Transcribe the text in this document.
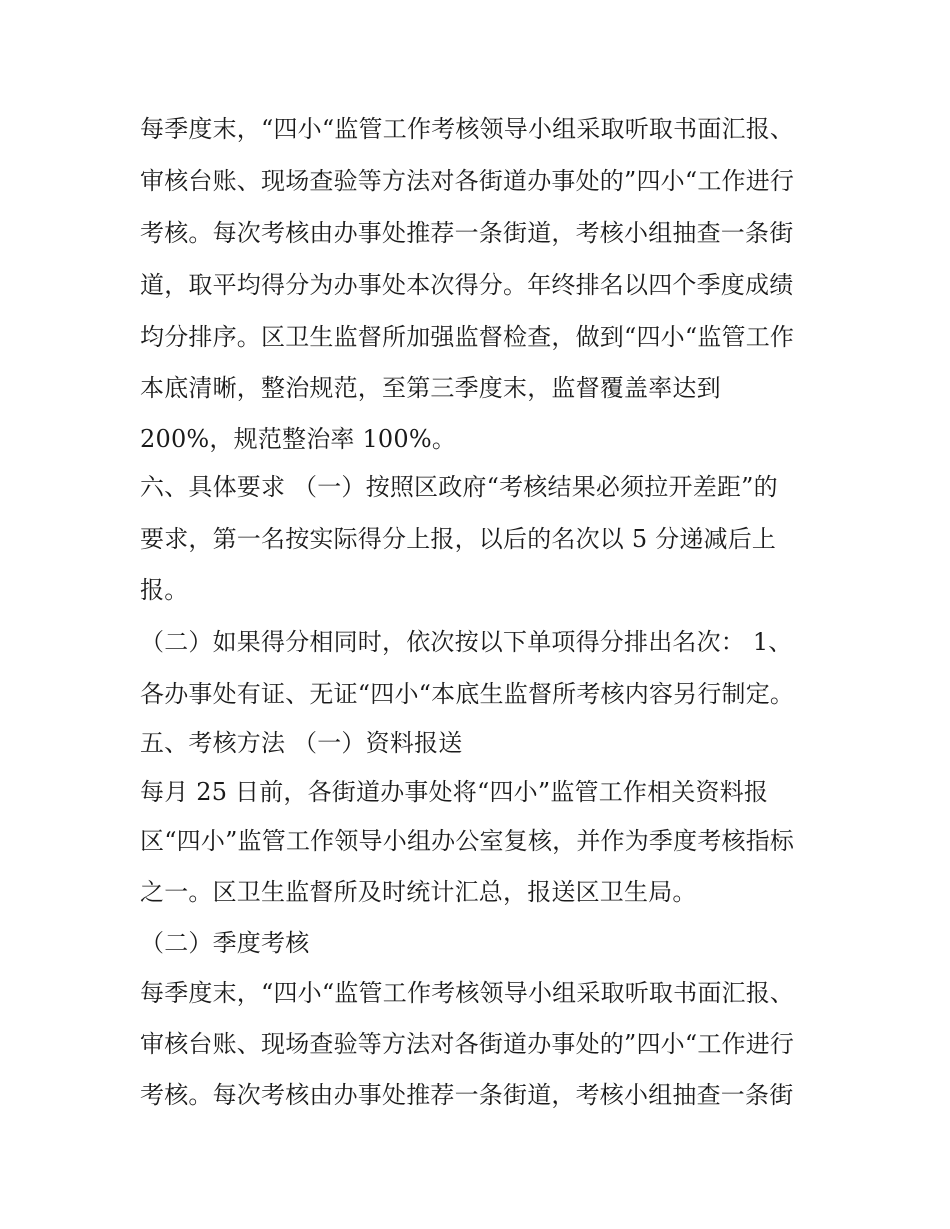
每季度末，“四小“监管工作考核领导小组采取听取书面汇报、
审核台账、现场查验等方法对各街道办事处的”四小“工作进行
考核。每次考核由办事处推荐一条街道，考核小组抽查一条街
道，取平均得分为办事处本次得分。年终排名以四个季度成绩
均分排序。区卫生监督所加强监督检查，做到“四小“监管工作
本底清晰，整治规范，至第三季度末，监督覆盖率达到
200%，规范整治率 100%。
六、具体要求 （一）按照区政府“考核结果必须拉开差距”的
要求，第一名按实际得分上报，以后的名次以 5 分递减后上
报。
（二）如果得分相同时，依次按以下单项得分排出名次： 1、
各办事处有证、无证“四小“本底生监督所考核内容另行制定。
五、考核方法 （一）资料报送
每月 25 日前，各街道办事处将“四小”监管工作相关资料报
区“四小”监管工作领导小组办公室复核，并作为季度考核指标
之一。区卫生监督所及时统计汇总，报送区卫生局。
（二）季度考核
每季度末，“四小“监管工作考核领导小组采取听取书面汇报、
审核台账、现场查验等方法对各街道办事处的”四小“工作进行
考核。每次考核由办事处推荐一条街道，考核小组抽查一条街
